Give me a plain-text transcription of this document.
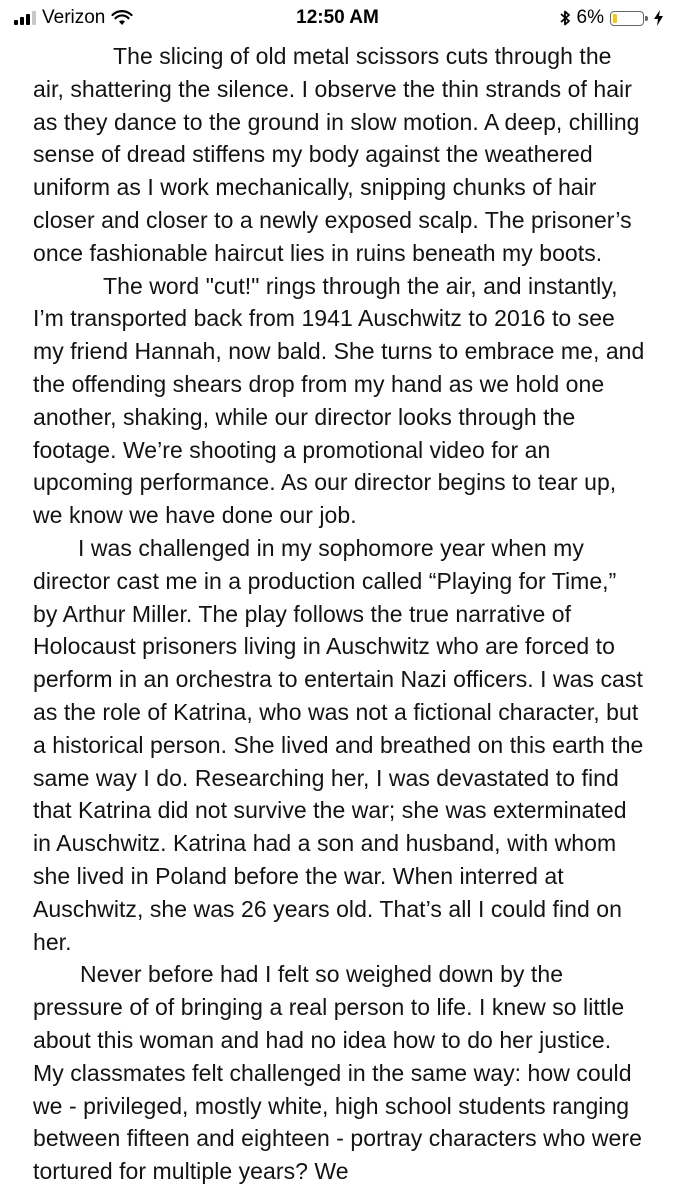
Verizon	12:50 AM	6%

The slicing of old metal scissors cuts through the air, shattering the silence. I observe the thin strands of hair as they dance to the ground in slow motion. A deep, chilling sense of dread stiffens my body against the weathered uniform as I work mechanically, snipping chunks of hair closer and closer to a newly exposed scalp. The prisoner’s once fashionable haircut lies in ruins beneath my boots.

The word "cut!" rings through the air, and instantly, I’m transported back from 1941 Auschwitz to 2016 to see my friend Hannah, now bald. She turns to embrace me, and the offending shears drop from my hand as we hold one another, shaking, while our director looks through the footage. We’re shooting a promotional video for an upcoming performance. As our director begins to tear up, we know we have done our job.

I was challenged in my sophomore year when my director cast me in a production called “Playing for Time,” by Arthur Miller. The play follows the true narrative of Holocaust prisoners living in Auschwitz who are forced to perform in an orchestra to entertain Nazi officers. I was cast as the role of Katrina, who was not a fictional character, but a historical person. She lived and breathed on this earth the same way I do. Researching her, I was devastated to find that Katrina did not survive the war; she was exterminated in Auschwitz. Katrina had a son and husband, with whom she lived in Poland before the war. When interred at Auschwitz, she was 26 years old. That’s all I could find on her.

Never before had I felt so weighed down by the pressure of of bringing a real person to life. I knew so little about this woman and had no idea how to do her justice. My classmates felt challenged in the same way: how could we - privileged, mostly white, high school students ranging between fifteen and eighteen - portray characters who were tortured for multiple years? We
